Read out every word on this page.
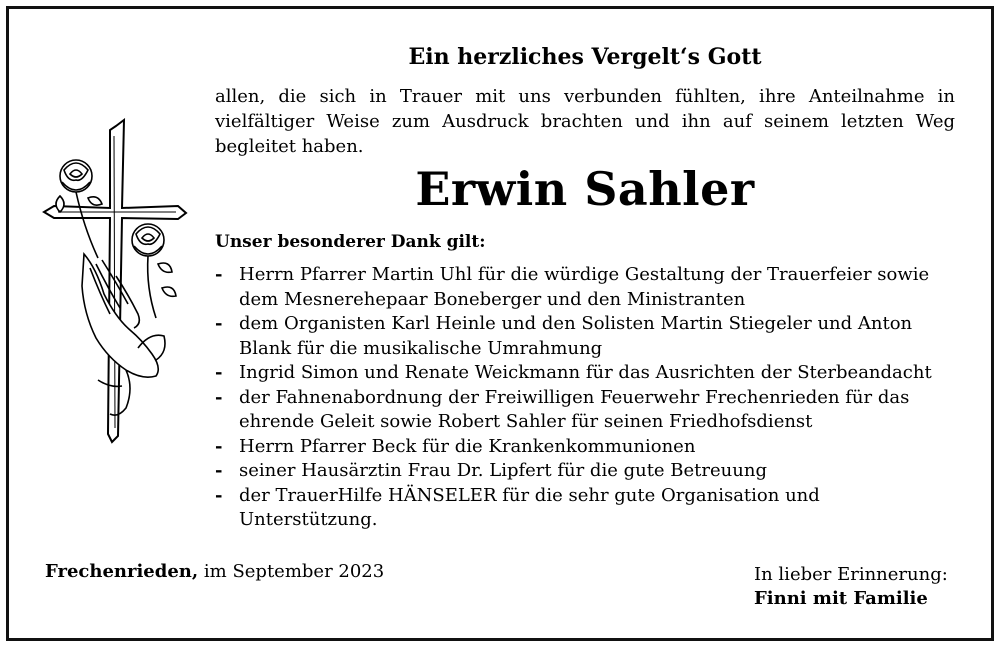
Ein herzliches Vergelt‘s Gott
allen, die sich in Trauer mit uns verbunden fühlten, ihre Anteilnahme in vielfältiger Weise zum Ausdruck brachten und ihn auf seinem letzten Weg begleitet haben.
Erwin Sahler
Unser besonderer Dank gilt:
- Herrn Pfarrer Martin Uhl für die würdige Gestaltung der Trauerfeier sowie dem Mesnerehepaar Boneberger und den Ministranten
- dem Organisten Karl Heinle und den Solisten Martin Stiegeler und Anton Blank für die musikalische Umrahmung
- Ingrid Simon und Renate Weickmann für das Ausrichten der Sterbeandacht
- der Fahnenabordnung der Freiwilligen Feuerwehr Frechenrieden für das ehrende Geleit sowie Robert Sahler für seinen Friedhofsdienst
- Herrn Pfarrer Beck für die Krankenkommunionen
- seiner Hausärztin Frau Dr. Lipfert für die gute Betreuung
- der TrauerHilfe HÄNSELER für die sehr gute Organisation und Unterstützung.
Frechenrieden, im September 2023	In lieber Erinnerung:
Finni mit Familie
